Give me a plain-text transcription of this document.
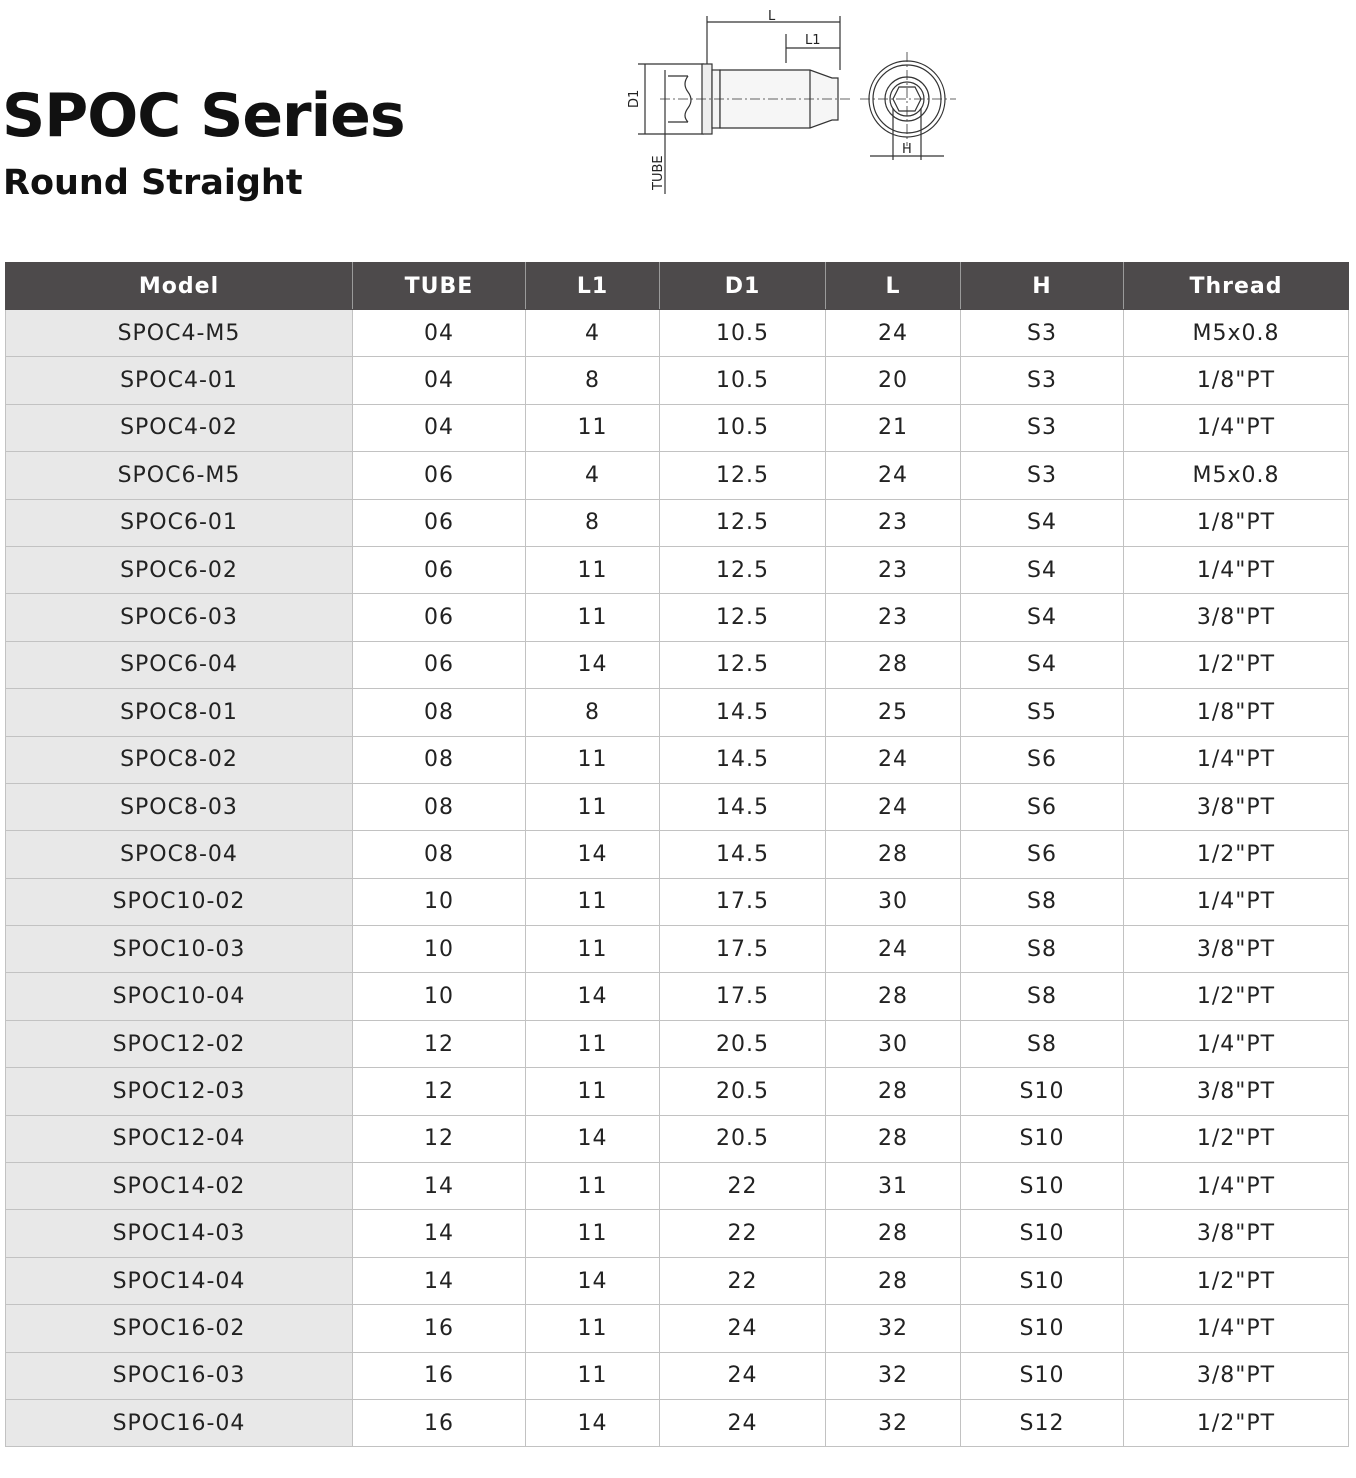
SPOC Series
Round Straight
L
L1
H
D1
TUBE
Model	TUBE	L1	D1	L	H	Thread
SPOC4-M5	04	4	10.5	24	S3	M5x0.8
SPOC4-01	04	8	10.5	20	S3	1/8"PT
SPOC4-02	04	11	10.5	21	S3	1/4"PT
SPOC6-M5	06	4	12.5	24	S3	M5x0.8
SPOC6-01	06	8	12.5	23	S4	1/8"PT
SPOC6-02	06	11	12.5	23	S4	1/4"PT
SPOC6-03	06	11	12.5	23	S4	3/8"PT
SPOC6-04	06	14	12.5	28	S4	1/2"PT
SPOC8-01	08	8	14.5	25	S5	1/8"PT
SPOC8-02	08	11	14.5	24	S6	1/4"PT
SPOC8-03	08	11	14.5	24	S6	3/8"PT
SPOC8-04	08	14	14.5	28	S6	1/2"PT
SPOC10-02	10	11	17.5	30	S8	1/4"PT
SPOC10-03	10	11	17.5	24	S8	3/8"PT
SPOC10-04	10	14	17.5	28	S8	1/2"PT
SPOC12-02	12	11	20.5	30	S8	1/4"PT
SPOC12-03	12	11	20.5	28	S10	3/8"PT
SPOC12-04	12	14	20.5	28	S10	1/2"PT
SPOC14-02	14	11	22	31	S10	1/4"PT
SPOC14-03	14	11	22	28	S10	3/8"PT
SPOC14-04	14	14	22	28	S10	1/2"PT
SPOC16-02	16	11	24	32	S10	1/4"PT
SPOC16-03	16	11	24	32	S10	3/8"PT
SPOC16-04	16	14	24	32	S12	1/2"PT
